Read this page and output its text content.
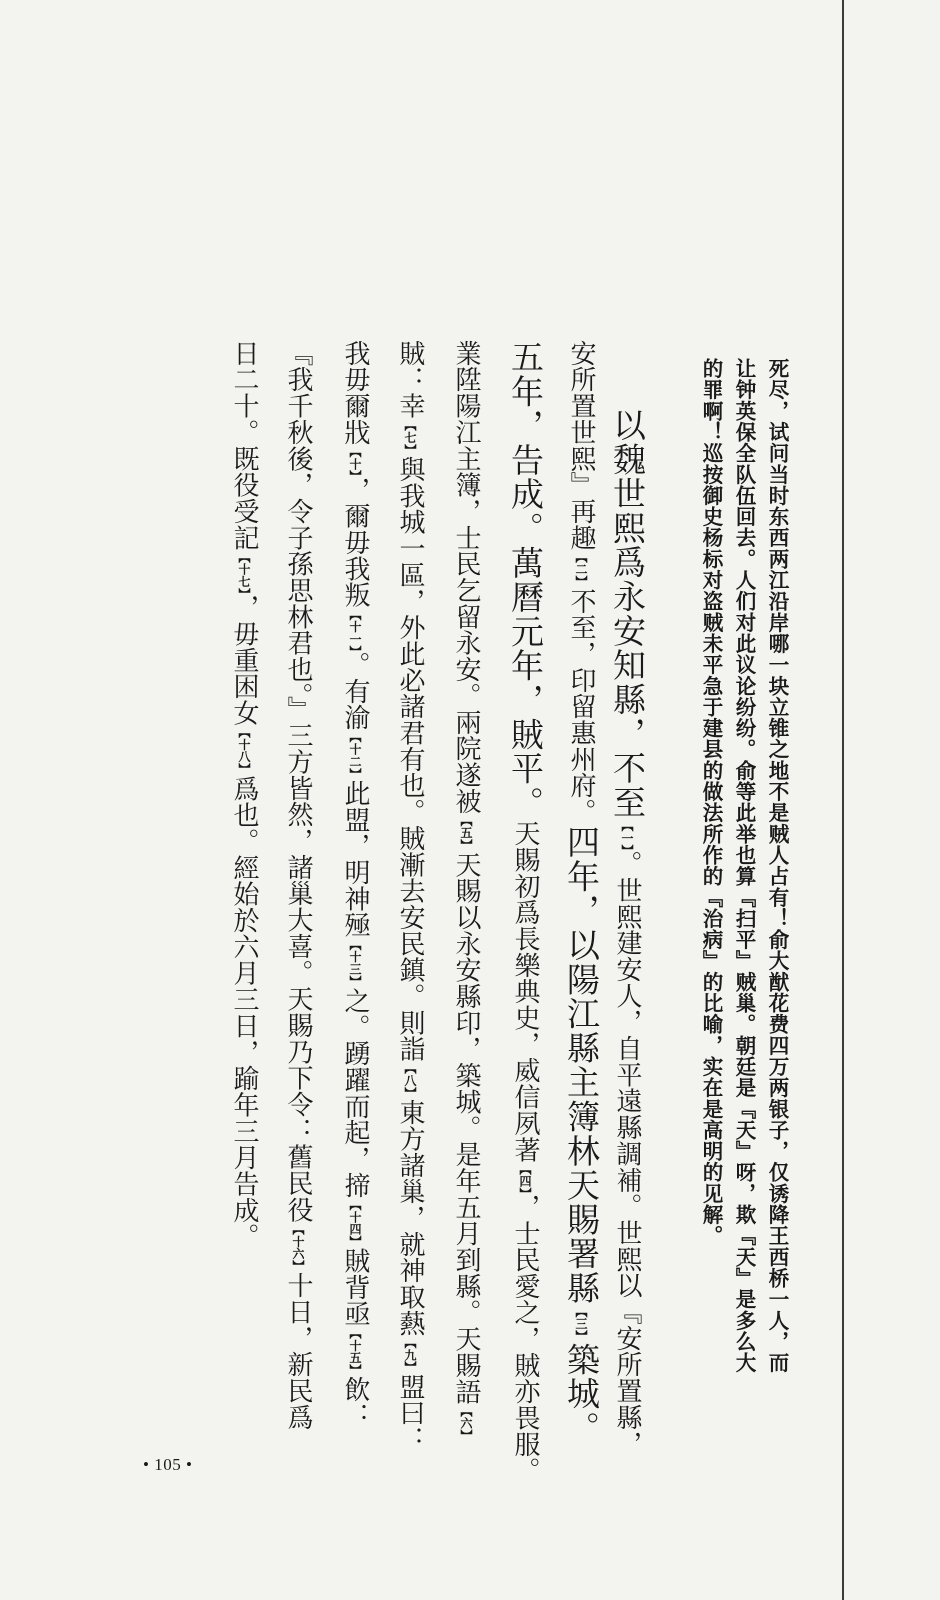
死尽，试问当时东西两江沿岸哪一块立锥之地不是贼人占有！俞大猷花费四万两银子，仅诱降王西桥一人，而
让钟英保全队伍回去。人们对此议论纷纷。俞等此举也算『扫平』贼巢。朝廷是『天』呀，欺『天』是多么大
的罪啊！巡按御史杨标对盗贼未平急于建县的做法所作的『治病』的比喻，实在是高明的见解。
以魏世熙爲永安知縣，不至【一】。世熙建安人，自平遠縣調補。世熙以『安所置縣，
安所置世熙』再趣【二】不至，印留惠州府。四年，以陽江縣主簿林天賜署縣【三】築城。
五年，告成。萬曆元年，賊平。天賜初爲長樂典史，威信夙著【四】，士民愛之，賊亦畏服。
業陞陽江主簿，士民乞留永安。兩院遂被【五】天賜以永安縣印，築城。是年五月到縣。天賜語【六】
賊：幸【七】與我城一區，外此必諸君有也。賊漸去安民鎮。則詣【八】東方諸巢，就神取爇【九】盟曰：
我毋爾戕【十】，爾毋我叛【十一】。有渝【十二】此盟，明神殛【十三】之。踴躍而起，揥【十四】賊背亟【十五】飲：
『我千秋後，令子孫思林君也。』三方皆然，諸巢大喜。天賜乃下令：舊民役【十六】十日，新民爲
日二十。既役受記【十七】，毋重困女【十八】爲也。經始於六月三日，踰年三月告成。
• 105 •
